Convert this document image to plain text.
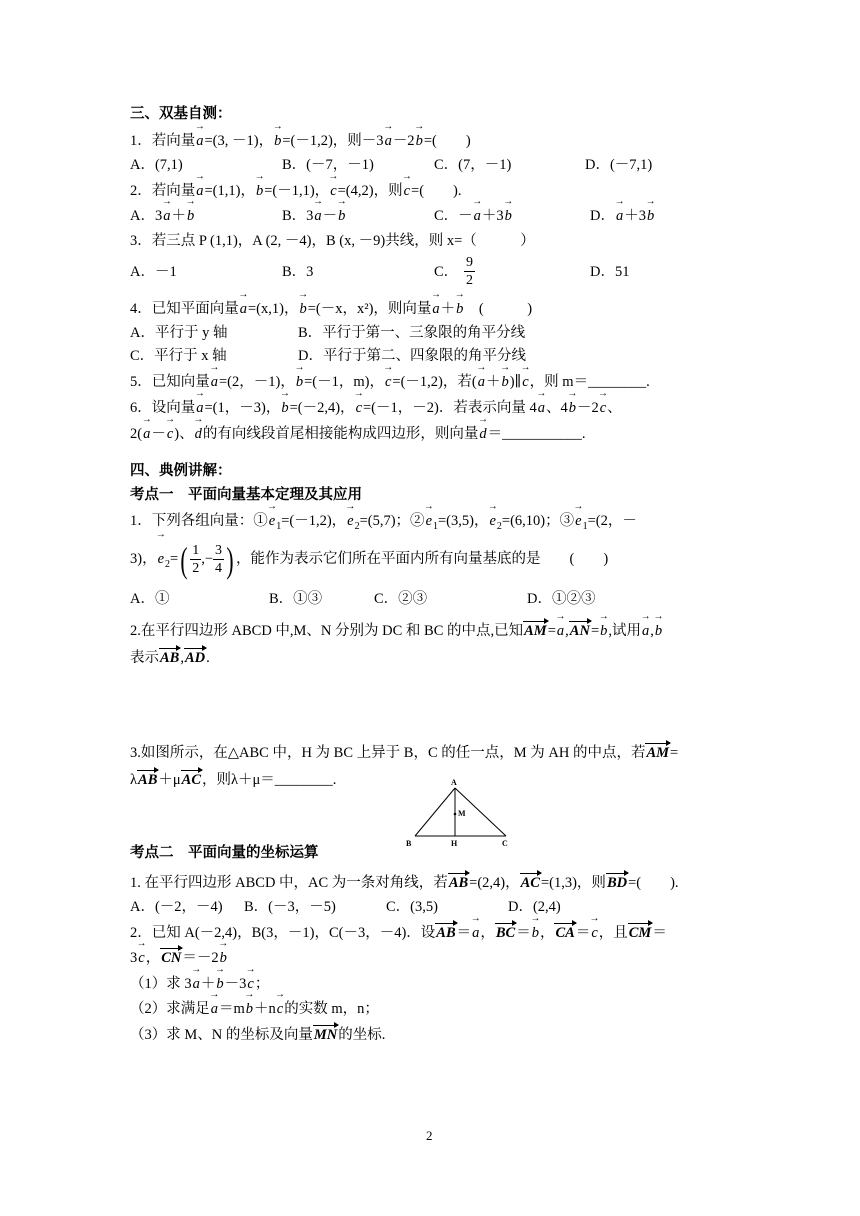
三、双基自测：
1．若向量a →=(3, －1)，b →=(－1,2)，则－3a →－2b →=(　　)
A．(7,1)	B．(－7，－1)	C．(7，－1)	D．(－7,1)
2．若向量a →=(1,1)，b →=(－1,1)，c →=(4,2)，则c →=(　　).
A．3a →＋b →	B．3a →－b →	C．－a →＋3b →	D．a →＋3b →
3．若三点 P (1,1)，A (2, －4)，B (x, －9)共线，则 x=（　　　）
A．－1	B．3	C． $\frac{9}{2}$	D．51
4．已知平面向量a →=(x,1)，b →=(－x，x²)，则向量a →＋b →　(　　　)
A．平行于 y 轴	B．平行于第一、三象限的角平分线
C．平行于 x 轴	D．平行于第二、四象限的角平分线
5．已知向量a →=(2，－1)，b →=(－1，m)，c →=(－1,2)，若(a →＋b →)∥c →，则 m＝________.
6．设向量a →=(1，－3)，b →=(－2,4)，c →=(－1，－2)．若表示向量 4a →、4b →－2c →、
2(a →－c →)、d →的有向线段首尾相接能构成四边形，则向量d →＝___________.
四、典例讲解：
考点一　平面向量基本定理及其应用
1．下列各组向量：①e $\to_1=(-1,2)$，$e \to_2=(5,7)$；②e $\to_1=(3,5)$，$e \to_2=(6,10)$；③e $\to_1=(2$，－
3)，$e \to_2=( \frac{1}{2}$ ,− $\frac{3}{4}$ ) ，能作为表示它们所在平面内所有向量基底的是　　(　　)
A．①	B．①③	C．②③	D．①②③
2.在平行四边形 ABCD 中,M、N 分别为 DC 和 BC 的中点,已知AM=a →,AN=b →,试用a →,b →
表示AB,AD.
3.如图所示，在△ABC 中，H 为 BC 上异于 B，C 的任一点，M 为 AH 的中点，若AM=
λAB＋μAC，则λ＋μ＝________.	A
B	C
H
M
考点二　平面向量的坐标运算
1. 在平行四边形 ABCD 中，AC 为一条对角线，若AB=(2,4)，AC=(1,3)，则BD=(　　).
A．(－2，－4) B．(－3，－5)	C．(3,5)	D．(2,4)
2．已知 A(－2,4)，B(3，－1)，C(－3，－4)．设AB＝a →，BC＝b →，CA＝c →，且CM＝
3c →，CN＝－2b →
（1）求 3a →＋b →－3c →；
（2）求满足a →＝mb →＋nc →的实数 m，n；
（3）求 M、N 的坐标及向量MN的坐标.
2
